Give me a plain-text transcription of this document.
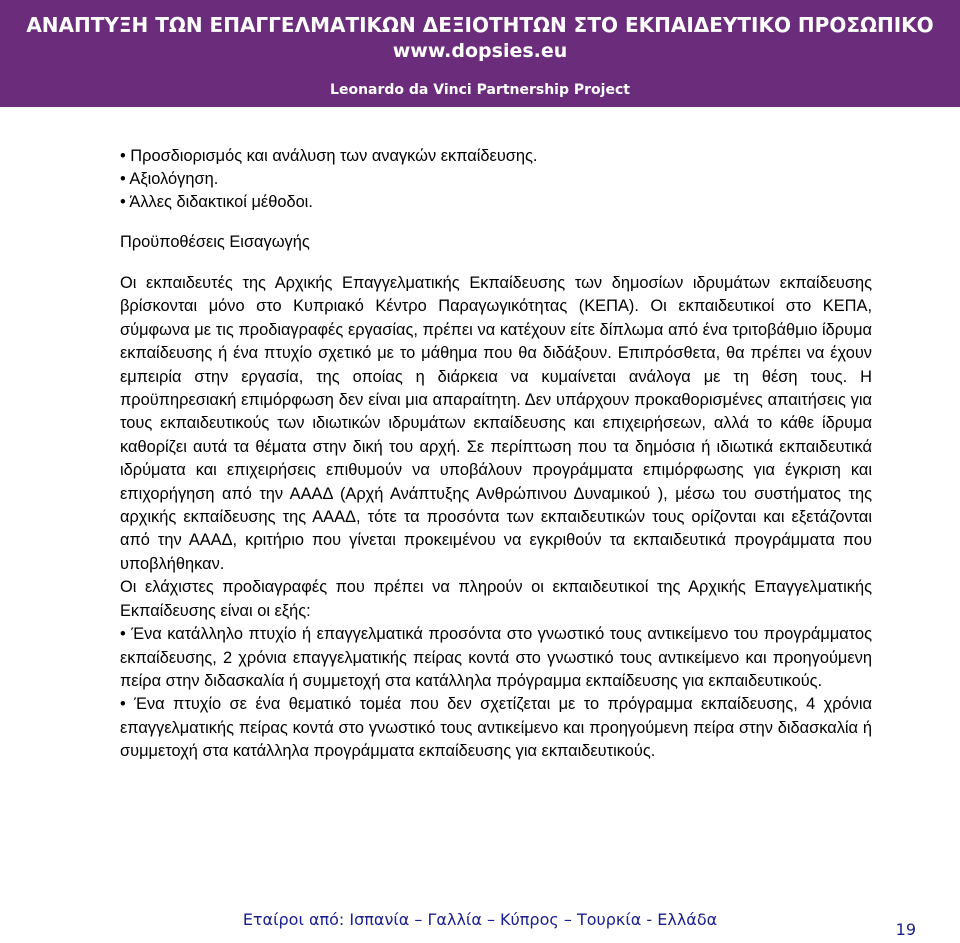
ΑΝΑΠΤΥΞΗ ΤΩΝ ΕΠΑΓΓΕΛΜΑΤΙΚΩΝ ΔΕΞΙΟΤΗΤΩΝ ΣΤΟ ΕΚΠΑΙΔΕΥΤΙΚΟ ΠΡΟΣΩΠΙΚΟ
www.dopsies.eu
Leonardo da Vinci Partnership Project
• Προσδιορισμός και ανάλυση των αναγκών εκπαίδευσης.
• Αξιολόγηση.
• Άλλες διδακτικοί μέθοδοι.

Προϋποθέσεις Εισαγωγής

Οι εκπαιδευτές της Αρχικής Επαγγελματικής Εκπαίδευσης των δημοσίων ιδρυμάτων εκπαίδευσης βρίσκονται μόνο στο Κυπριακό Κέντρο Παραγωγικότητας (ΚΕΠΑ). Οι εκπαιδευτικοί στο ΚΕΠΑ, σύμφωνα με τις προδιαγραφές εργασίας, πρέπει να κατέχουν είτε δίπλωμα από ένα τριτοβάθμιο ίδρυμα εκπαίδευσης ή ένα πτυχίο σχετικό με το μάθημα που θα διδάξουν. Επιπρόσθετα, θα πρέπει να έχουν εμπειρία στην εργασία, της οποίας η διάρκεια να κυμαίνεται ανάλογα με τη θέση τους. Η προϋπηρεσιακή επιμόρφωση δεν είναι μια απαραίτητη. Δεν υπάρχουν προκαθορισμένες απαιτήσεις για τους εκπαιδευτικούς των ιδιωτικών ιδρυμάτων εκπαίδευσης και επιχειρήσεων, αλλά το κάθε ίδρυμα καθορίζει αυτά τα θέματα στην δική του αρχή. Σε περίπτωση που τα δημόσια ή ιδιωτικά εκπαιδευτικά ιδρύματα και επιχειρήσεις επιθυμούν να υποβάλουν προγράμματα επιμόρφωσης για έγκριση και επιχορήγηση από την ΑΑΑΔ (Αρχή Ανάπτυξης Ανθρώπινου Δυναμικού ), μέσω του συστήματος της αρχικής εκπαίδευσης της ΑΑΑΔ, τότε τα προσόντα των εκπαιδευτικών τους ορίζονται και εξετάζονται από την ΑΑΑΔ, κριτήριο που γίνεται προκειμένου να εγκριθούν τα εκπαιδευτικά προγράμματα που υποβλήθηκαν.

Οι ελάχιστες προδιαγραφές που πρέπει να πληρούν οι εκπαιδευτικοί της Αρχικής Επαγγελματικής Εκπαίδευσης είναι οι εξής:

• Ένα κατάλληλο πτυχίο ή επαγγελματικά προσόντα στο γνωστικό τους αντικείμενο του προγράμματος εκπαίδευσης, 2 χρόνια επαγγελματικής πείρας κοντά στο γνωστικό τους αντικείμενο και προηγούμενη πείρα στην διδασκαλία ή συμμετοχή στα κατάλληλα πρόγραμμα εκπαίδευσης για εκπαιδευτικούς.

• Ένα πτυχίο σε ένα θεματικό τομέα που δεν σχετίζεται με το πρόγραμμα εκπαίδευσης, 4 χρόνια επαγγελματικής πείρας κοντά στο γνωστικό τους αντικείμενο και προηγούμενη πείρα στην διδασκαλία ή συμμετοχή στα κατάλληλα προγράμματα εκπαίδευσης για εκπαιδευτικούς.

Εταίροι από: Ισπανία – Γαλλία – Κύπρος – Τουρκία - Ελλάδα
19
